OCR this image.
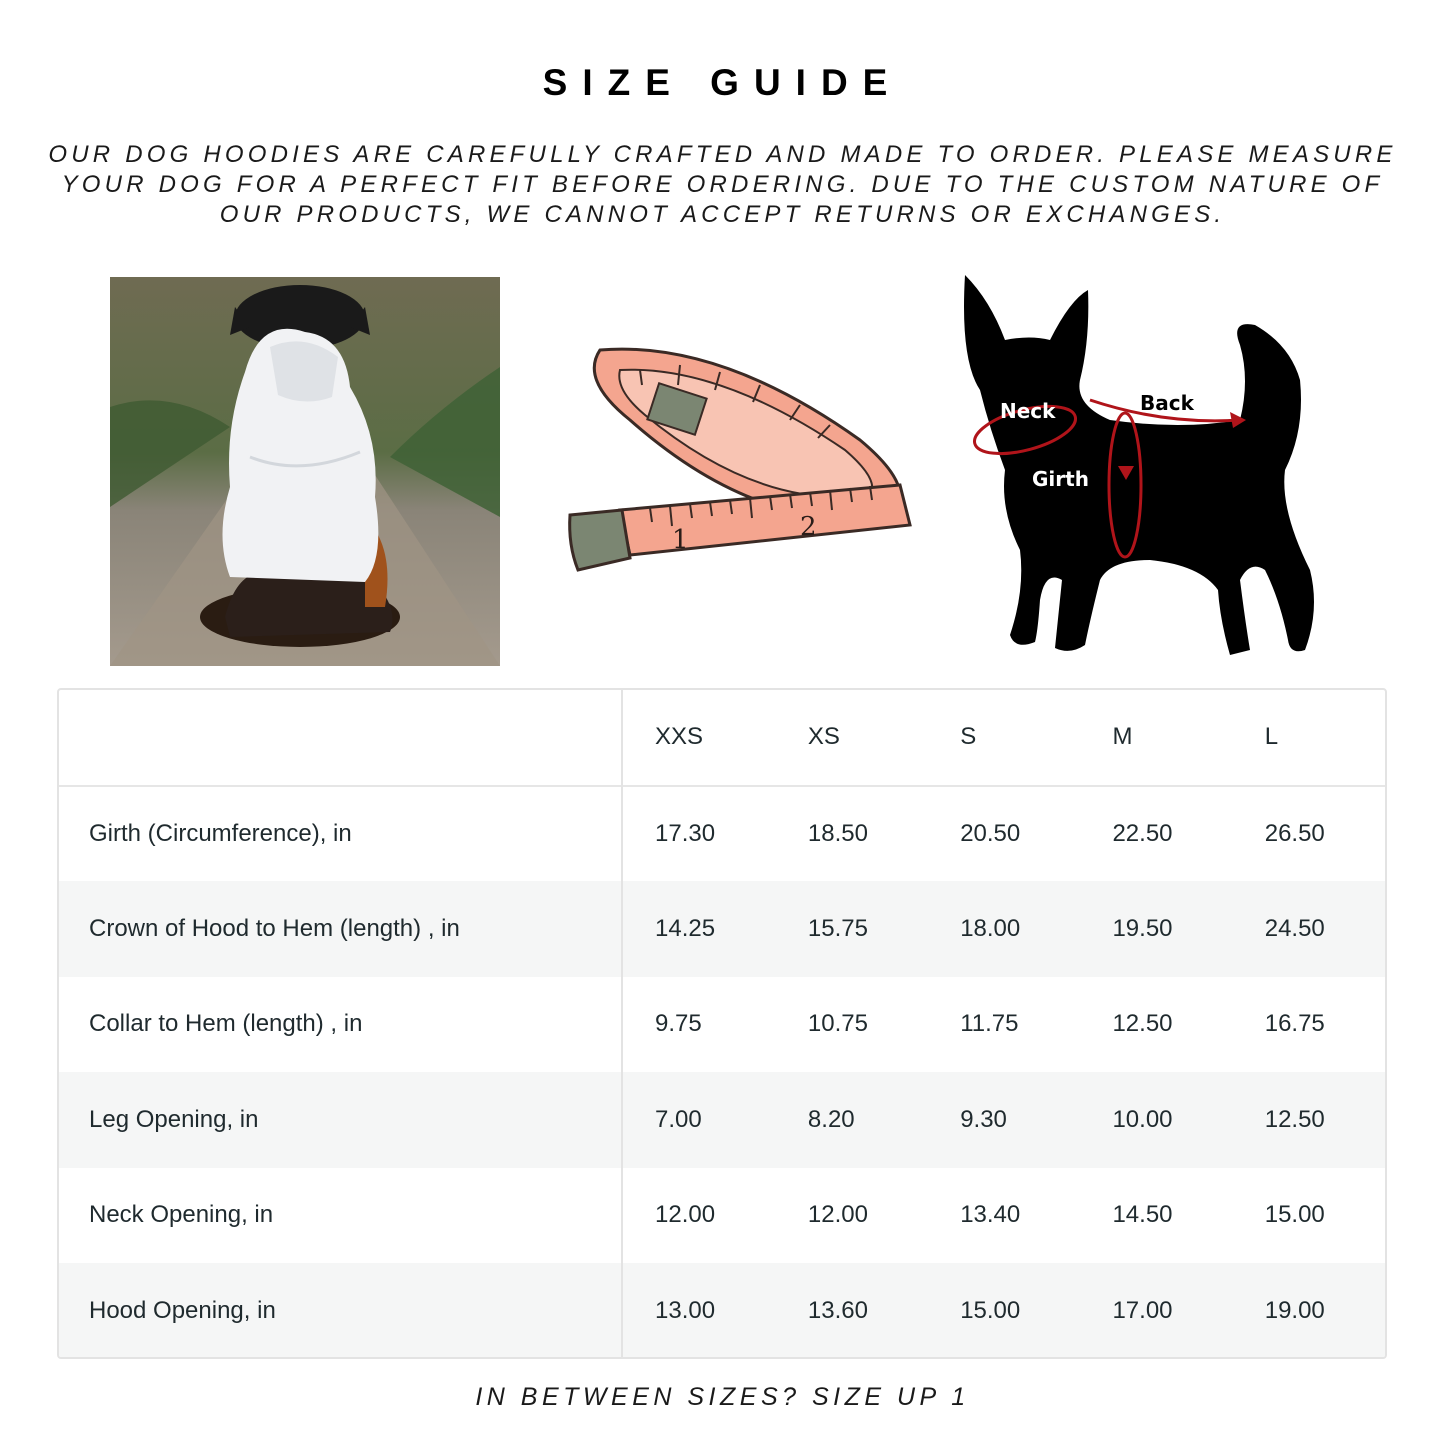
SIZE GUIDE
OUR DOG HOODIES ARE CAREFULLY CRAFTED AND MADE TO ORDER. PLEASE MEASURE YOUR DOG FOR A PERFECT FIT BEFORE ORDERING. DUE TO THE CUSTOM NATURE OF OUR PRODUCTS, WE CANNOT ACCEPT RETURNS OR EXCHANGES.
1	2
Neck	Back
Girth
	XXS	XS	S	M	L
Girth (Circumference), in	17.30	18.50	20.50	22.50	26.50
Crown of Hood to Hem (length) , in	14.25	15.75	18.00	19.50	24.50
Collar to Hem (length) , in	9.75	10.75	11.75	12.50	16.75
Leg Opening, in	7.00	8.20	9.30	10.00	12.50
Neck Opening, in	12.00	12.00	13.40	14.50	15.00
Hood Opening, in	13.00	13.60	15.00	17.00	19.00
IN BETWEEN SIZES? SIZE UP 1
